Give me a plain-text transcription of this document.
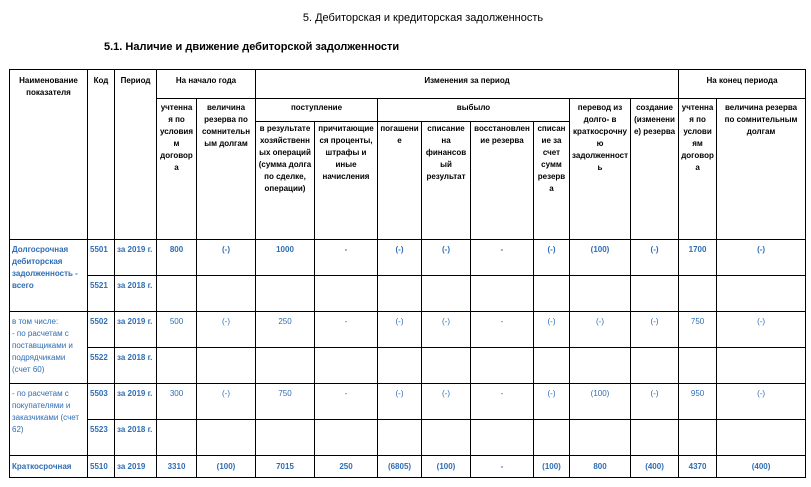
5. Дебиторская и кредиторская задолженность
5.1. Наличие и движение дебиторской задолженности
Наименование показателя	Код	Период	На начало года		Изменения за период								На конец периода	
			учтенная по условиям договора	величина резерва по сомнительным долгам	поступление		выбыло				перевод из долго- в краткосрочную задолженность	создание (изменение) резерва	учтенная по условиям договора	величина резерва по сомнительным долгам
					в результате хозяйственных операций (сумма долга по сделке, операции)	причитающиеся проценты, штрафы и иные начисления	погашение	списание на финансовый результат	восстановление резерва	списание за счет сумм резерва				
Долгосрочная дебиторская задолженность - всего	5501	за 2019 г.	800	(-)	1000	-	(-)	(-)	-	(-)	(100)	(-)	1700	(-)
	5521	за 2018 г.												
в том числе:
- по расчетам с поставщиками и подрядчиками (счет 60)	5502	за 2019 г.	500	(-)	250	-	(-)	(-)	-	(-)	(-)	(-)	750	(-)
	5522	за 2018 г.												
- по расчетам с покупателями и заказчиками (счет 62)	5503	за 2019 г.	300	(-)	750	-	(-)	(-)	-	(-)	(100)	(-)	950	(-)
	5523	за 2018 г.												
Краткосрочная	5510	за 2019	3310	(100)	7015	250	(6805)	(100)	-	(100)	800	(400)	4370	(400)
